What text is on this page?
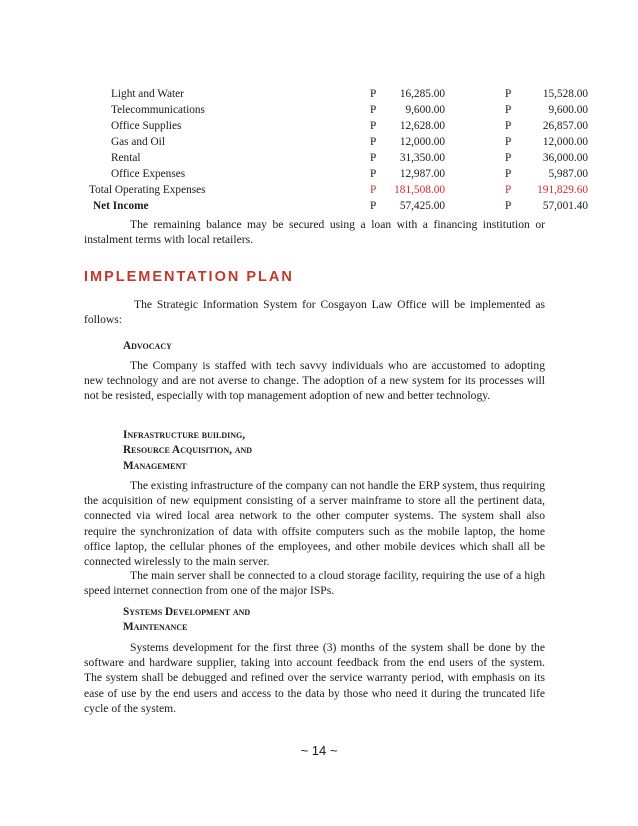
Light and Water	P	16,285.00	P	15,528.00
Telecommunications	P	9,600.00	P	9,600.00
Office Supplies	P	12,628.00	P	26,857.00
Gas and Oil	P	12,000.00	P	12,000.00
Rental	P	31,350.00	P	36,000.00
Office Expenses	P	12,987.00	P	5,987.00
Total Operating Expenses	P	181,508.00	P	191,829.60
Net Income	P	57,425.00	P	57,001.40

The remaining balance may be secured using a loan with a financing institution or instalment terms with local retailers.

IMPLEMENTATION PLAN

The Strategic Information System for Cosgayon Law Office will be implemented as follows:

Advocacy

The Company is staffed with tech savvy individuals who are accustomed to adopting new technology and are not averse to change. The adoption of a new system for its processes will not be resisted, especially with top management adoption of new and better technology.

Infrastructure building,
Resource Acquisition, and
Management

The existing infrastructure of the company can not handle the ERP system, thus requiring the acquisition of new equipment consisting of a server mainframe to store all the pertinent data, connected via wired local area network to the other computer systems. The system shall also require the synchronization of data with offsite computers such as the mobile laptop, the home office laptop, the cellular phones of the employees, and other mobile devices which shall all be connected wirelessly to the main server.

The main server shall be connected to a cloud storage facility, requiring the use of a high speed internet connection from one of the major ISPs.

Systems Development and
Maintenance

Systems development for the first three (3) months of the system shall be done by the software and hardware supplier, taking into account feedback from the end users of the system. The system shall be debugged and refined over the service warranty period, with emphasis on its ease of use by the end users and access to the data by those who need it during the truncated life cycle of the system.

~ 14 ~
